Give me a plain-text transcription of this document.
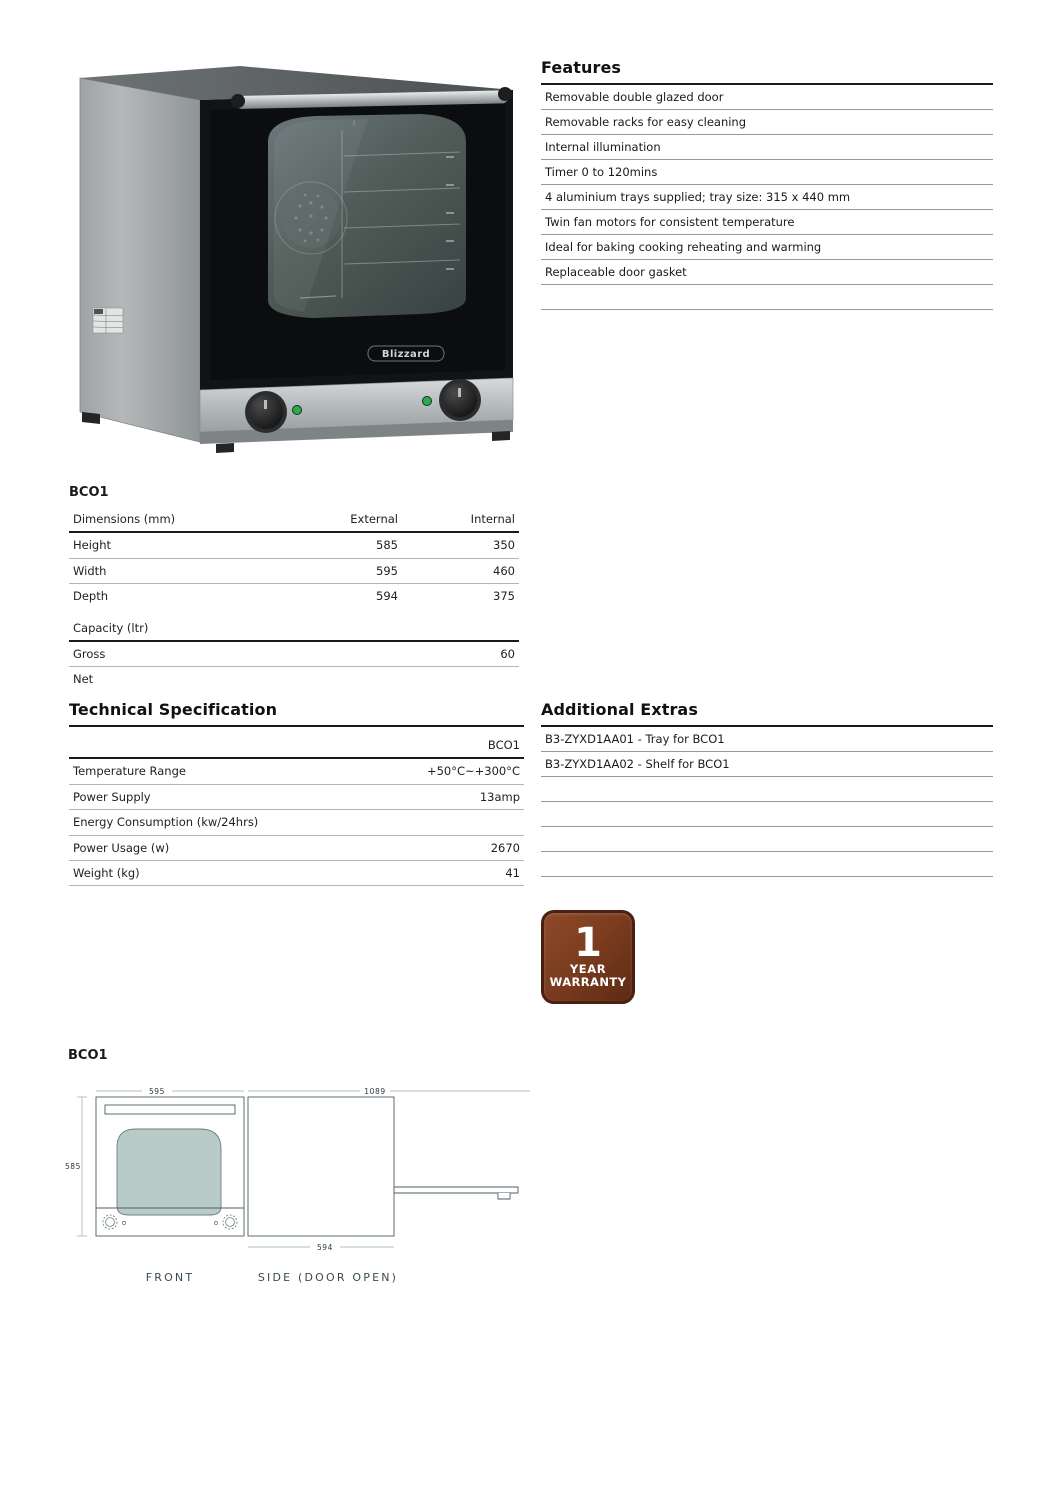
Blizzard
Features
Removable double glazed door
Removable racks for easy cleaning
Internal illumination
Timer 0 to 120mins
4 aluminium trays supplied; tray size: 315 x 440 mm
Twin fan motors for consistent temperature
Ideal for baking cooking reheating and warming
Replaceable door gasket

BCO1
Dimensions (mm)	External	Internal
Height	585	350
Width	595	460
Depth	594	375
Capacity (ltr)		
Gross		60
Net		
Technical Specification
	BCO1
Temperature Range	+50°C~+300°C
Power Supply	13amp
Energy Consumption (kw/24hrs)	
Power Usage (w)	2670
Weight (kg)	41
Additional Extras
B3-ZYXD1AA01 - Tray for BCO1
B3-ZYXD1AA02 - Shelf for BCO1

1
YEAR
WARRANTY
BCO1
595	1089
585
594
FRONT	SIDE (DOOR OPEN)
